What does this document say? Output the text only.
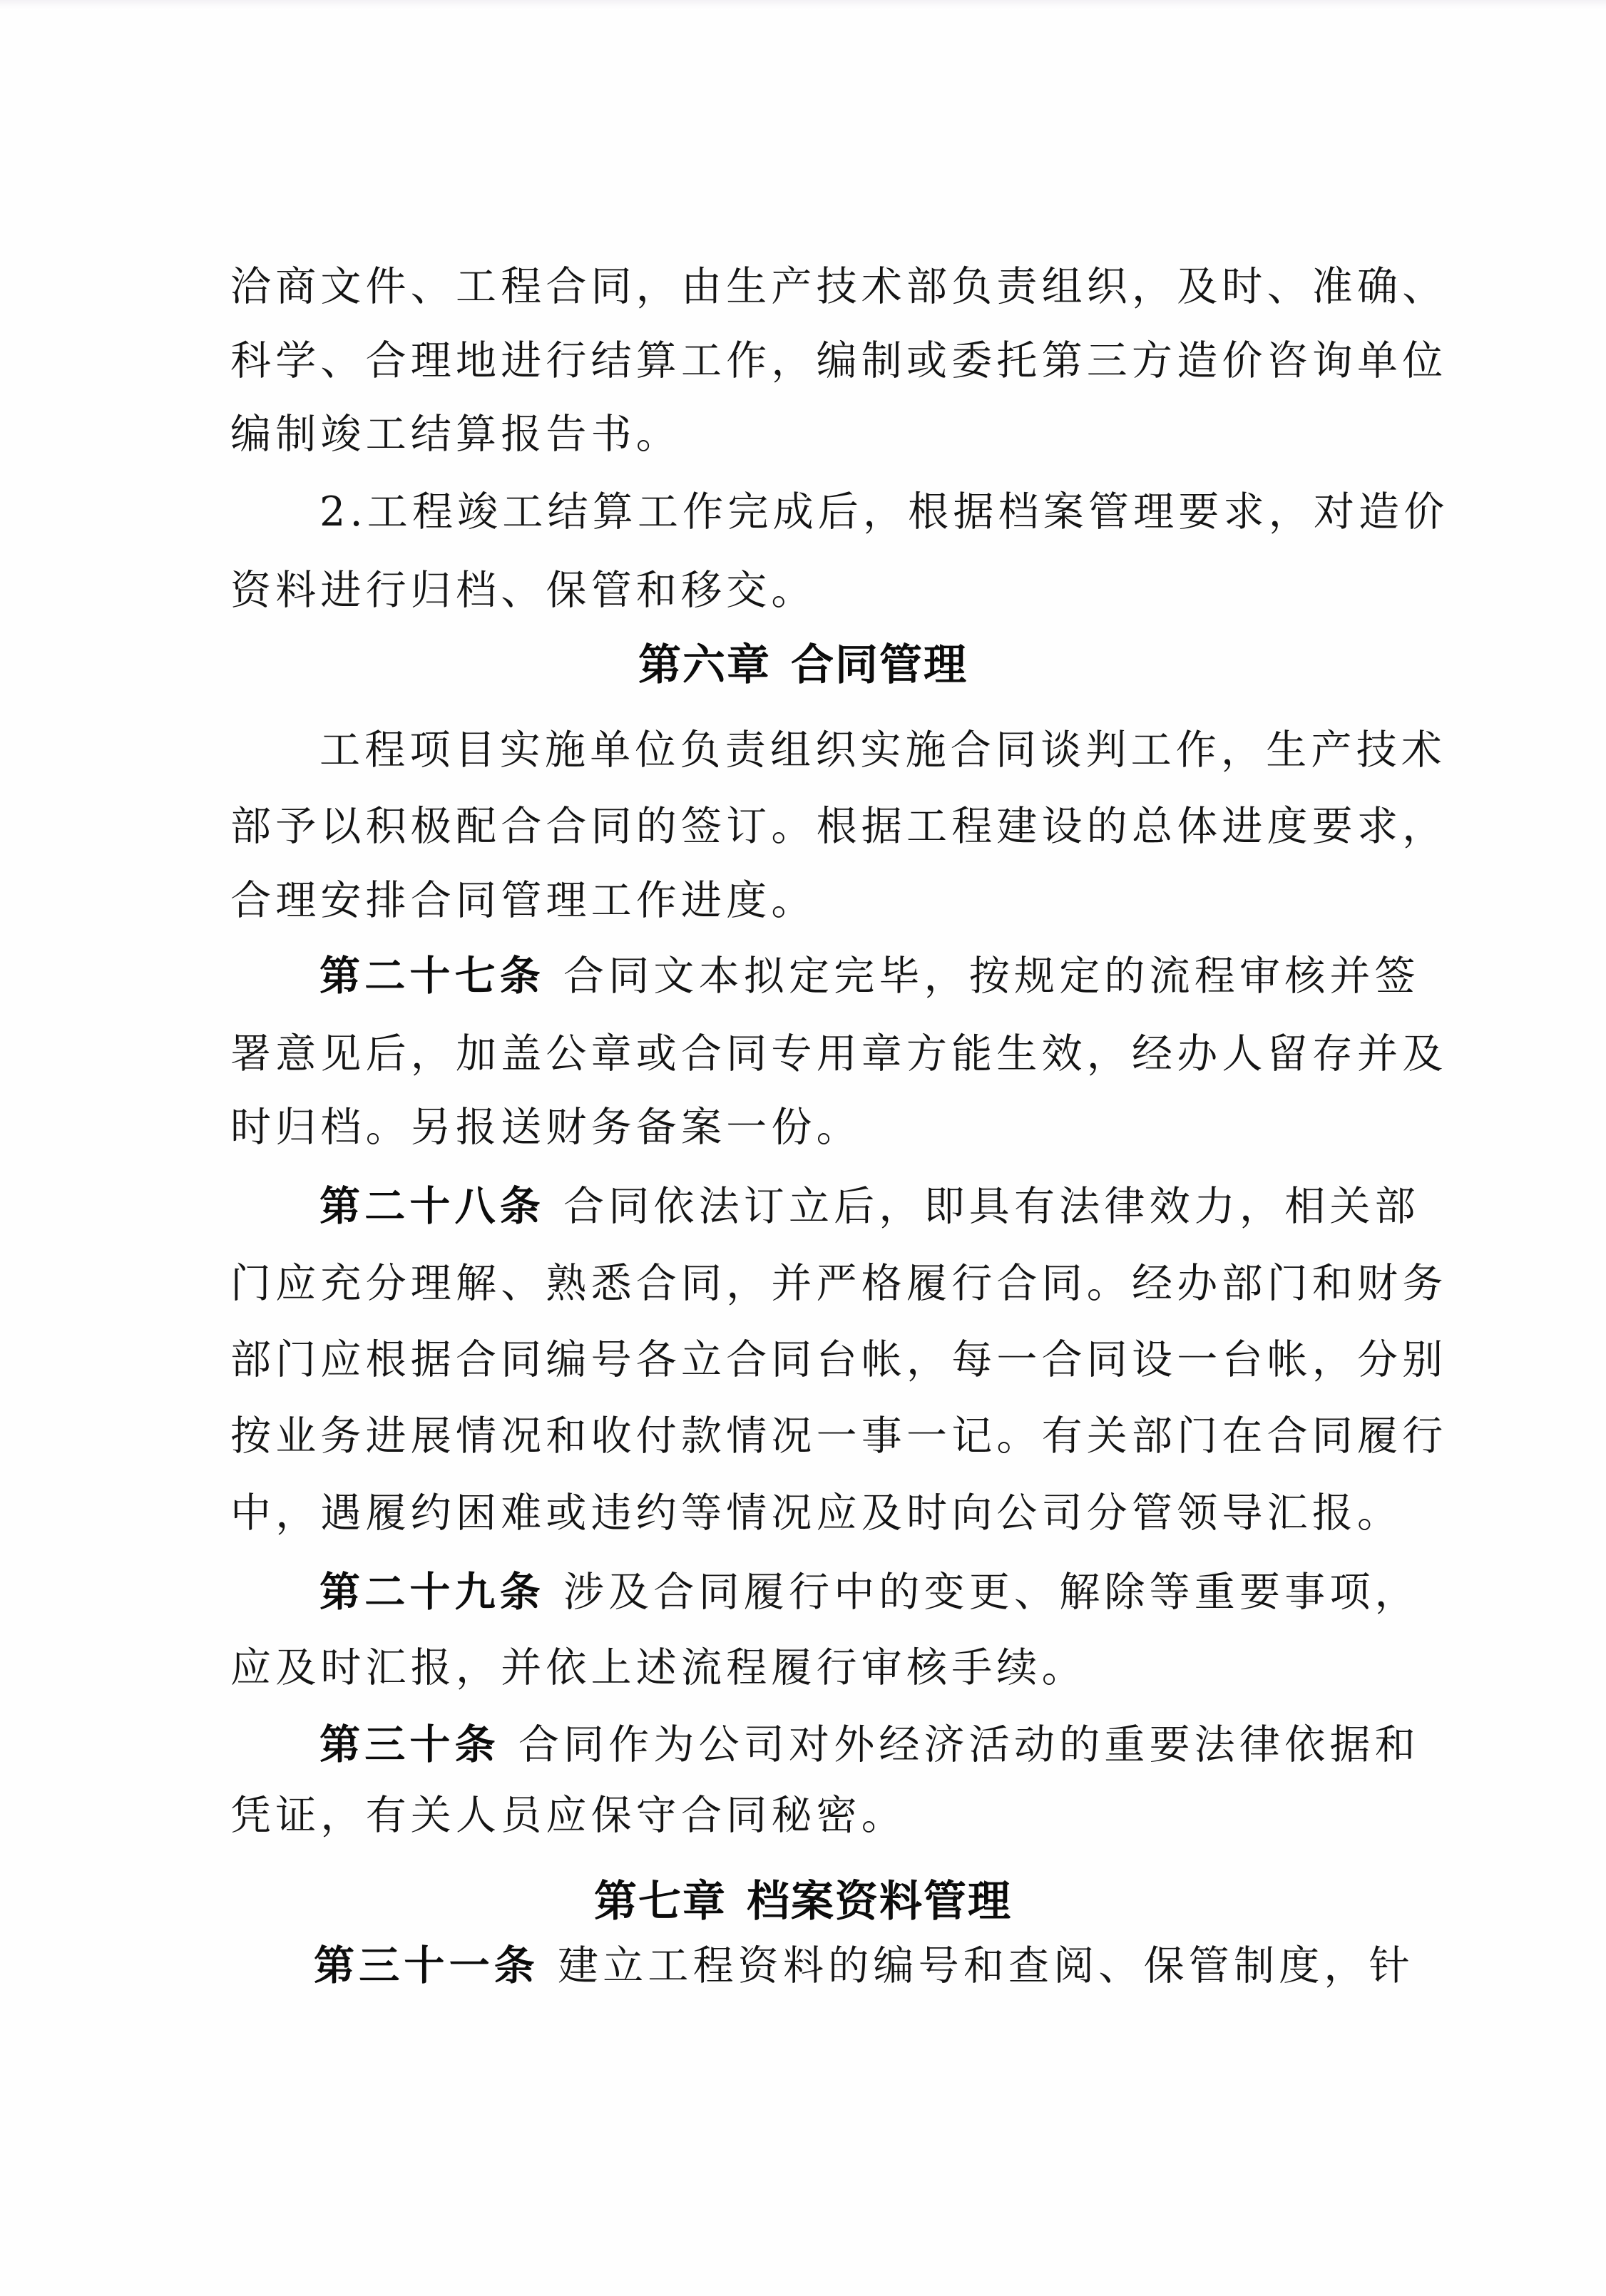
洽商文件、工程合同，由生产技术部负责组织，及时、准确、
科学、合理地进行结算工作，编制或委托第三方造价咨询单位
编制竣工结算报告书。
2.工程竣工结算工作完成后，根据档案管理要求，对造价
资料进行归档、保管和移交。
第六章 合同管理
工程项目实施单位负责组织实施合同谈判工作，生产技术
部予以积极配合合同的签订。根据工程建设的总体进度要求，
合理安排合同管理工作进度。
第二十七条 合同文本拟定完毕，按规定的流程审核并签
署意见后，加盖公章或合同专用章方能生效，经办人留存并及
时归档。另报送财务备案一份。
第二十八条 合同依法订立后，即具有法律效力，相关部
门应充分理解、熟悉合同，并严格履行合同。经办部门和财务
部门应根据合同编号各立合同台帐，每一合同设一台帐，分别
按业务进展情况和收付款情况一事一记。有关部门在合同履行
中，遇履约困难或违约等情况应及时向公司分管领导汇报。
第二十九条 涉及合同履行中的变更、解除等重要事项，
应及时汇报，并依上述流程履行审核手续。
第三十条 合同作为公司对外经济活动的重要法律依据和
凭证，有关人员应保守合同秘密。
第七章 档案资料管理
第三十一条 建立工程资料的编号和查阅、保管制度，针
